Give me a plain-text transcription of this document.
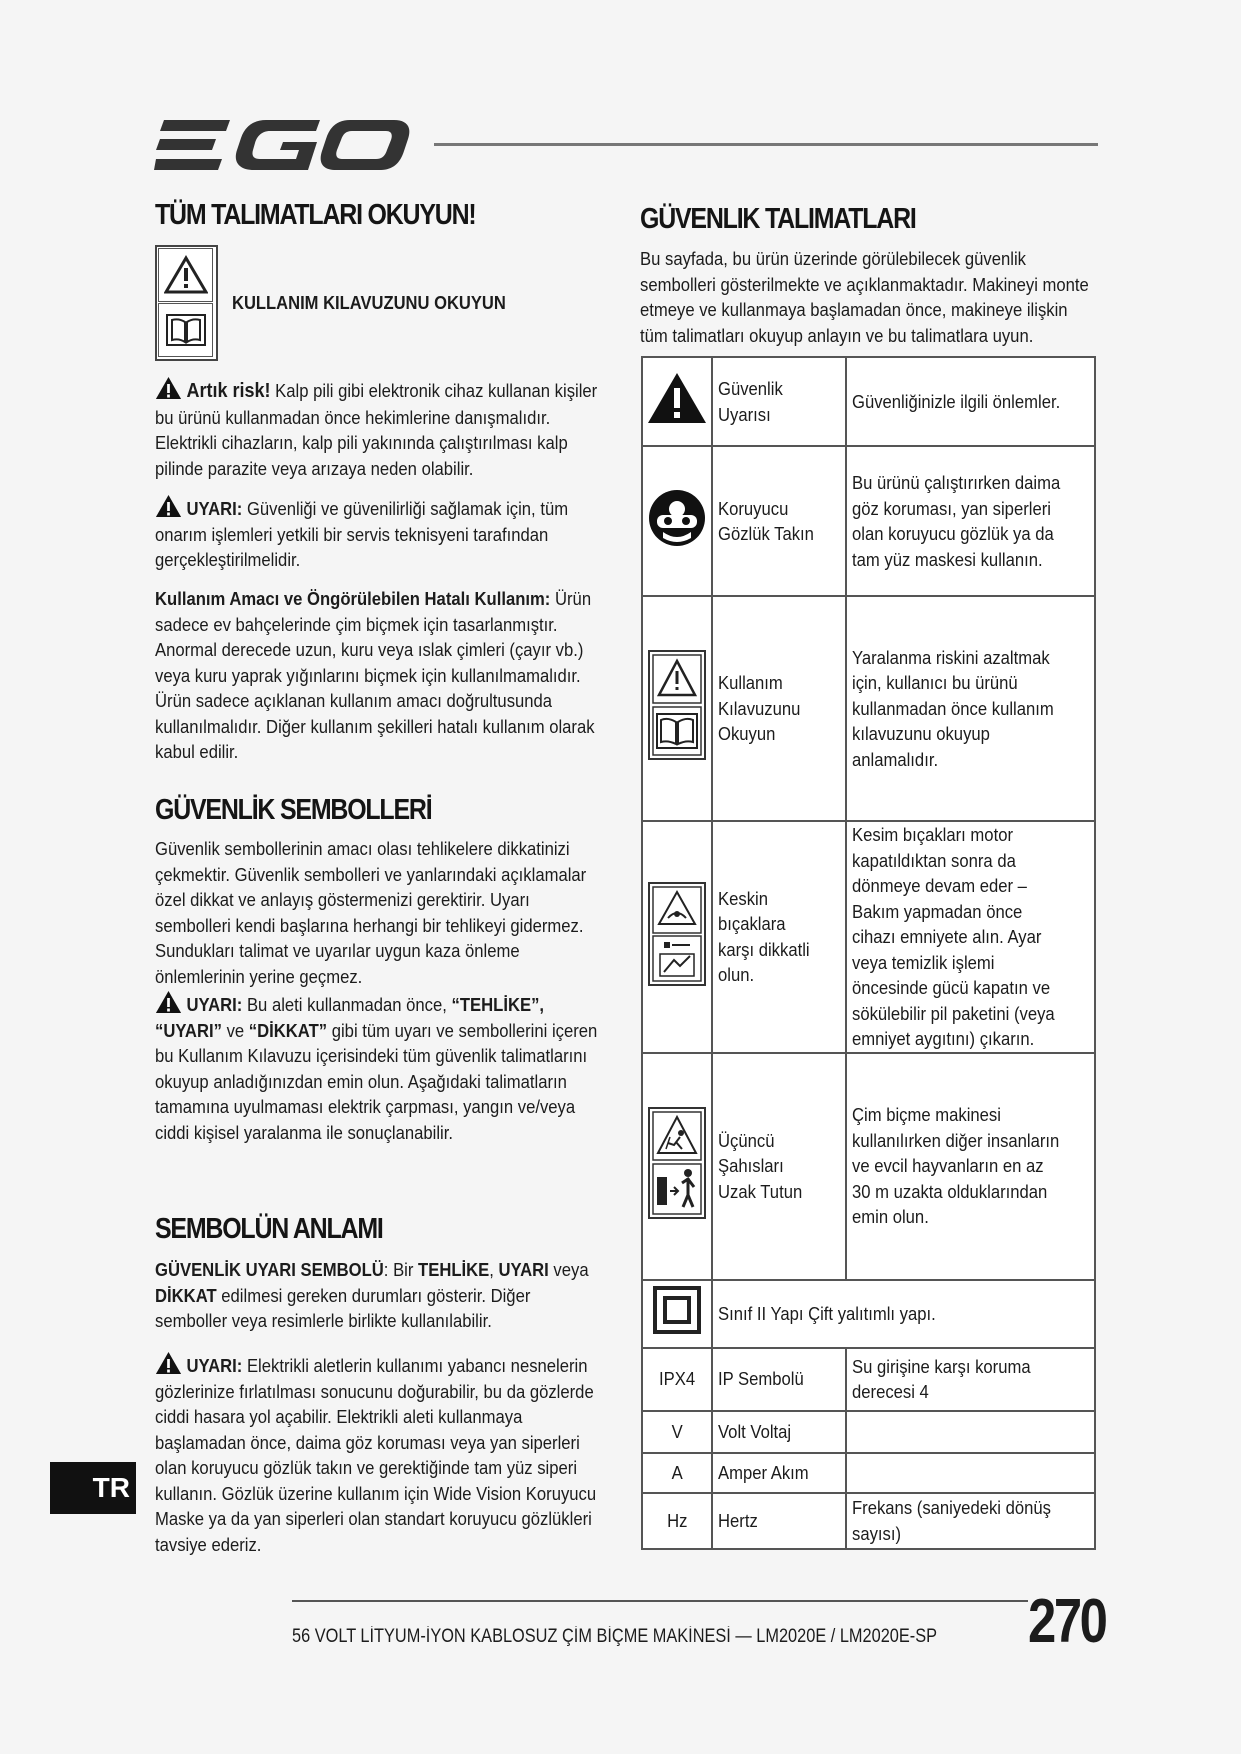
TÜM TALIMATLARI OKUYUN!
KULLANIM KILAVUZUNU OKUYUN
Artık risk! Kalp pili gibi elektronik cihaz kullanan kişiler bu ürünü kullanmadan önce hekimlerine danışmalıdır. Elektrikli cihazların, kalp pili yakınında çalıştırılması kalp pilinde parazite veya arızaya neden olabilir.
UYARI: Güvenliği ve güvenilirliği sağlamak için, tüm onarım işlemleri yetkili bir servis teknisyeni tarafından gerçekleştirilmelidir.
Kullanım Amacı ve Öngörülebilen Hatalı Kullanım: Ürün sadece ev bahçelerinde çim biçmek için tasarlanmıştır. Anormal derecede uzun, kuru veya ıslak çimleri (çayır vb.) veya kuru yaprak yığınlarını biçmek için kullanılmamalıdır. Ürün sadece açıklanan kullanım amacı doğrultusunda kullanılmalıdır. Diğer kullanım şekilleri hatalı kullanım olarak kabul edilir.
GÜVENLİK SEMBOLLERİ
Güvenlik sembollerinin amacı olası tehlikelere dikkatinizi çekmektir. Güvenlik sembolleri ve yanlarındaki açıklamalar özel dikkat ve anlayış göstermenizi gerektirir. Uyarı sembolleri kendi başlarına herhangi bir tehlikeyi gidermez. Sundukları talimat ve uyarılar uygun kaza önleme önlemlerinin yerine geçmez.
UYARI: Bu aleti kullanmadan önce, “TEHLİKE”, “UYARI” ve “DİKKAT” gibi tüm uyarı ve sembollerini içeren bu Kullanım Kılavuzu içerisindeki tüm güvenlik talimatlarını okuyup anladığınızdan emin olun. Aşağıdaki talimatların tamamına uyulmaması elektrik çarpması, yangın ve/veya ciddi kişisel yaralanma ile sonuçlanabilir.
SEMBOLÜN ANLAMI
GÜVENLİK UYARI SEMBOLÜ: Bir TEHLİKE, UYARI veya DİKKAT edilmesi gereken durumları gösterir. Diğer semboller veya resimlerle birlikte kullanılabilir.
UYARI: Elektrikli aletlerin kullanımı yabancı nesnelerin gözlerinize fırlatılması sonucunu doğurabilir, bu da gözlerde ciddi hasara yol açabilir. Elektrikli aleti kullanmaya başlamadan önce, daima göz koruması veya yan siperleri olan koruyucu gözlük takın ve gerektiğinde tam yüz siperi kullanın. Gözlük üzerine kullanım için Wide Vision Koruyucu Maske ya da yan siperleri olan standart koruyucu gözlükleri tavsiye ederiz.
GÜVENLIK TALIMATLARI
Bu sayfada, bu ürün üzerinde görülebilecek güvenlik sembolleri gösterilmekte ve açıklanmaktadır. Makineyi monte etmeye ve kullanmaya başlamadan önce, makineye ilişkin tüm talimatları okuyup anlayın ve bu talimatlara uyun.
	Güvenlik Uyarısı	Güvenliğinizle ilgili önlemler.
	Koruyucu Gözlük Takın	Bu ürünü çalıştırırken daima göz koruması, yan siperleri olan koruyucu gözlük ya da tam yüz maskesi kullanın.
	Kullanım Kılavuzunu Okuyun	Yaralanma riskini azaltmak için, kullanıcı bu ürünü kullanmadan önce kullanım kılavuzunu okuyup anlamalıdır.
	Keskin bıçaklara karşı dikkatli olun.	Kesim bıçakları motor kapatıldıktan sonra da dönmeye devam eder – Bakım yapmadan önce cihazı emniyete alın. Ayar veya temizlik işlemi öncesinde gücü kapatın ve sökülebilir pil paketini (veya emniyet aygıtını) çıkarın.
	Üçüncü Şahısları Uzak Tutun	Çim biçme makinesi kullanılırken diğer insanların ve evcil hayvanların en az 30 m uzakta olduklarından emin olun.
	Sınıf II Yapı Çift yalıtımlı yapı.	
IPX4	IP Sembolü	Su girişine karşı koruma derecesi 4
V	Volt Voltaj	
A	Amper Akım	
Hz	Hertz	Frekans (saniyedeki dönüş sayısı)
TR
56 VOLT LİTYUM-İYON KABLOSUZ ÇİM BİÇME MAKİNESİ — LM2020E / LM2020E-SP 270
